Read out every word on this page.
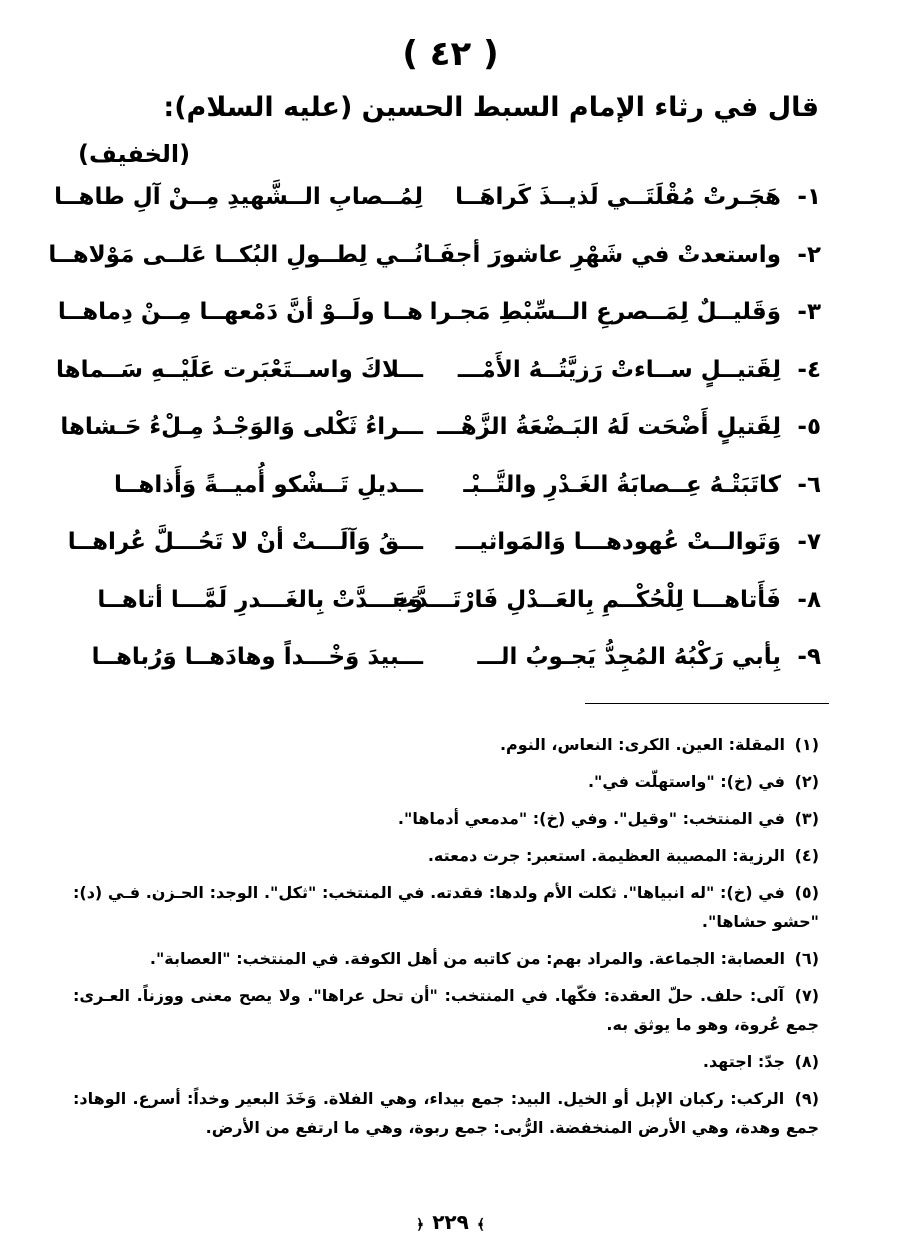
( ٤٢ )
قال في رثاء الإمام السبط الحسين (عليه السلام):
(الخفيف)
١-
هَجَـرتْ مُقْلَتَــي لَذيــذَ كَراهَــا
لِمُــصابِ الــشَّهيدِ مِــنْ آلِ طاهــا
٢-
واستعدتْ في شَهْرِ عاشورَ أجفَـا
نُــي لِطــولِ البُكــا عَلــى مَوْلاهــا
٣-
وَقَليــلٌ لِمَــصرعِ الــسِّبْطِ مَجـرا
هــا ولَــوْ أنَّ دَمْعهــا مِــنْ دِماهــا
٤-
لِقَتيــلٍ ســاءتْ رَزيَّتُــهُ الأَمْـــ
ـــلاكَ واســتَعْبَرت عَلَيْــهِ سَــماها
٥-
لِقَتيلٍ أَضْحَت لَهُ البَـضْعَةُ الزَّهْـــ
ـــراءُ ثَكْلى وَالوَجْـدُ مِـلْءُ حَـشاها
٦-
كاتَبَتْـهُ عِــصابَةُ الغَـدْرِ والتَّــبْـ
ـــديلِ تَــشْكو أُميــةً وَأَذاهــا
٧-
وَتَوالــتْ عُهودهـــا وَالمَواثيـــ
ـــقُ وَآلَـــتْ أنْ لا تَحُـــلَّ عُراهــا
٨-
فَأَتاهـــا لِلْحُكْــمِ بِالعَــدْلِ فَارْتَـــدَّت
وَجَـــدَّتْ بِالغَـــدرِ لَمَّـــا أتاهــا
٩-
بِأبي رَكْبُهُ المُجِدُّ يَجـوبُ الـــ
ـــبيدَ وَخْـــداً وهادَهــا وَرُباهــا
(١) المقلة: العين. الكرى: النعاس، النوم.
(٢) في (خ): "واستهلّت في".
(٣) في المنتخب: "وقيل". وفي (خ): "مدمعي أدماها".
(٤) الرزية: المصيبة العظيمة. استعبر: جرت دمعته.
(٥) في (خ): "له انبياها". ثكلت الأم ولدها: فقدته. في المنتخب: "ثكل". الوجد: الحـزن. فـي (د): "حشو حشاها".
(٦) العصابة: الجماعة. والمراد بهم: من كاتبه من أهل الكوفة. في المنتخب: "العصابة".
(٧) آلى: حلف. حلّ العقدة: فكّها. في المنتخب: "أن تحل عراها". ولا يصح معنى ووزناً. العـرى: جمع عُروة، وهو ما يوثق به.
(٨) جدّ: اجتهد.
(٩) الركب: ركبان الإبل أو الخيل. البيد: جمع بيداء، وهي الفلاة. وَخَدَ البعير وخداً: أسرع. الوهاد: جمع وهدة، وهي الأرض المنخفضة. الرُّبى: جمع ربوة، وهي ما ارتفع من الأرض.
﴾٢٢٩﴿
